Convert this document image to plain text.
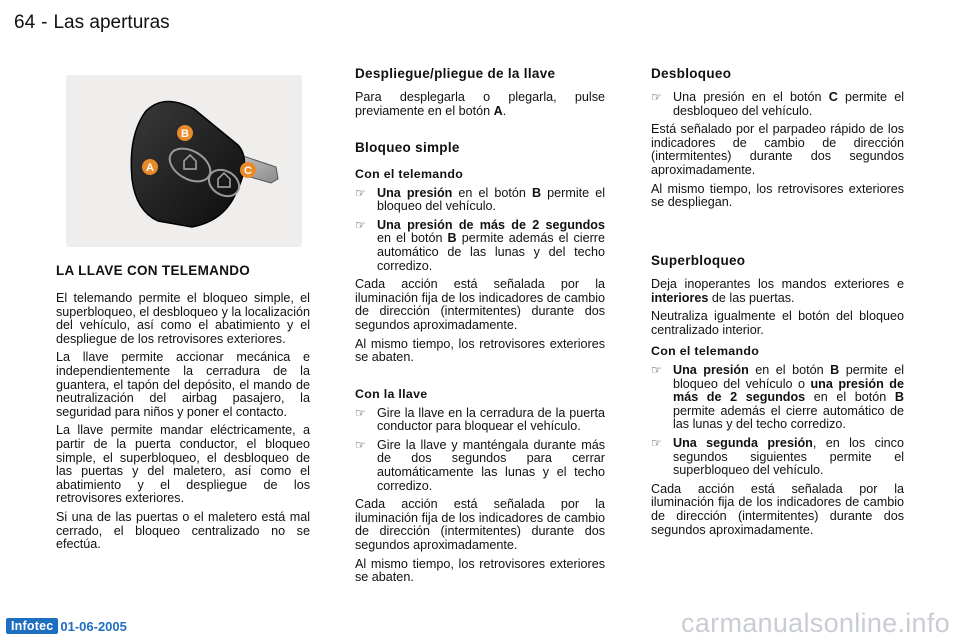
64 - Las aperturas
B
A	C
LA LLAVE CON TELEMANDO

El telemando permite el bloqueo simple, el superbloqueo, el desbloqueo y la localización del vehículo, así como el abatimiento y el despliegue de los retrovisores exteriores.

La llave permite accionar mecánica e independientemente la cerradura de la guantera, el tapón del depósito, el mando de neutralización del airbag pasajero, la seguridad para niños y poner el contacto.

La llave permite mandar eléctricamente, a partir de la puerta conductor, el bloqueo simple, el superbloqueo, el desbloqueo de las puertas y del maletero, así como el abatimiento y el despliegue de los retrovisores exteriores.

Si una de las puertas o el maletero está mal cerrado, el bloqueo centralizado no se efectúa.

Despliegue/pliegue de la llave

Para desplegarla o plegarla, pulse previamente en el botón A.

Bloqueo simple

Con el telemando

☞ Una presión en el botón B permite el bloqueo del vehículo.
☞ Una presión de más de 2 segundos en el botón B permite además el cierre automático de las lunas y del techo corredizo.

Cada acción está señalada por la iluminación fija de los indicadores de cambio de dirección (intermitentes) durante dos segundos aproximadamente.

Al mismo tiempo, los retrovisores exteriores se abaten.

Con la llave

☞ Gire la llave en la cerradura de la puerta conductor para bloquear el vehículo.
☞ Gire la llave y manténgala durante más de dos segundos para cerrar automáticamente las lunas y el techo corredizo.

Cada acción está señalada por la iluminación fija de los indicadores de cambio de dirección (intermitentes) durante dos segundos aproximadamente.

Al mismo tiempo, los retrovisores exteriores se abaten.

Desbloqueo
☞ Una presión en el botón C permite el desbloqueo del vehículo.

Está señalado por el parpadeo rápido de los indicadores de cambio de dirección (intermitentes) durante dos segundos aproximadamente.

Al mismo tiempo, los retrovisores exteriores se despliegan.

Superbloqueo

Deja inoperantes los mandos exteriores e interiores de las puertas.

Neutraliza igualmente el botón del bloqueo centralizado interior.

Con el telemando

☞ Una presión en el botón B permite el bloqueo del vehículo o una presión de más de 2 segundos en el botón B permite además el cierre automático de las lunas y del techo corredizo.
☞ Una segunda presión, en los cinco segundos siguientes permite el superbloqueo del vehículo.

Cada acción está señalada por la iluminación fija de los indicadores de cambio de dirección (intermitentes) durante dos segundos aproximadamente.

Infotec 01-06-2005	carmanualsonline.info
